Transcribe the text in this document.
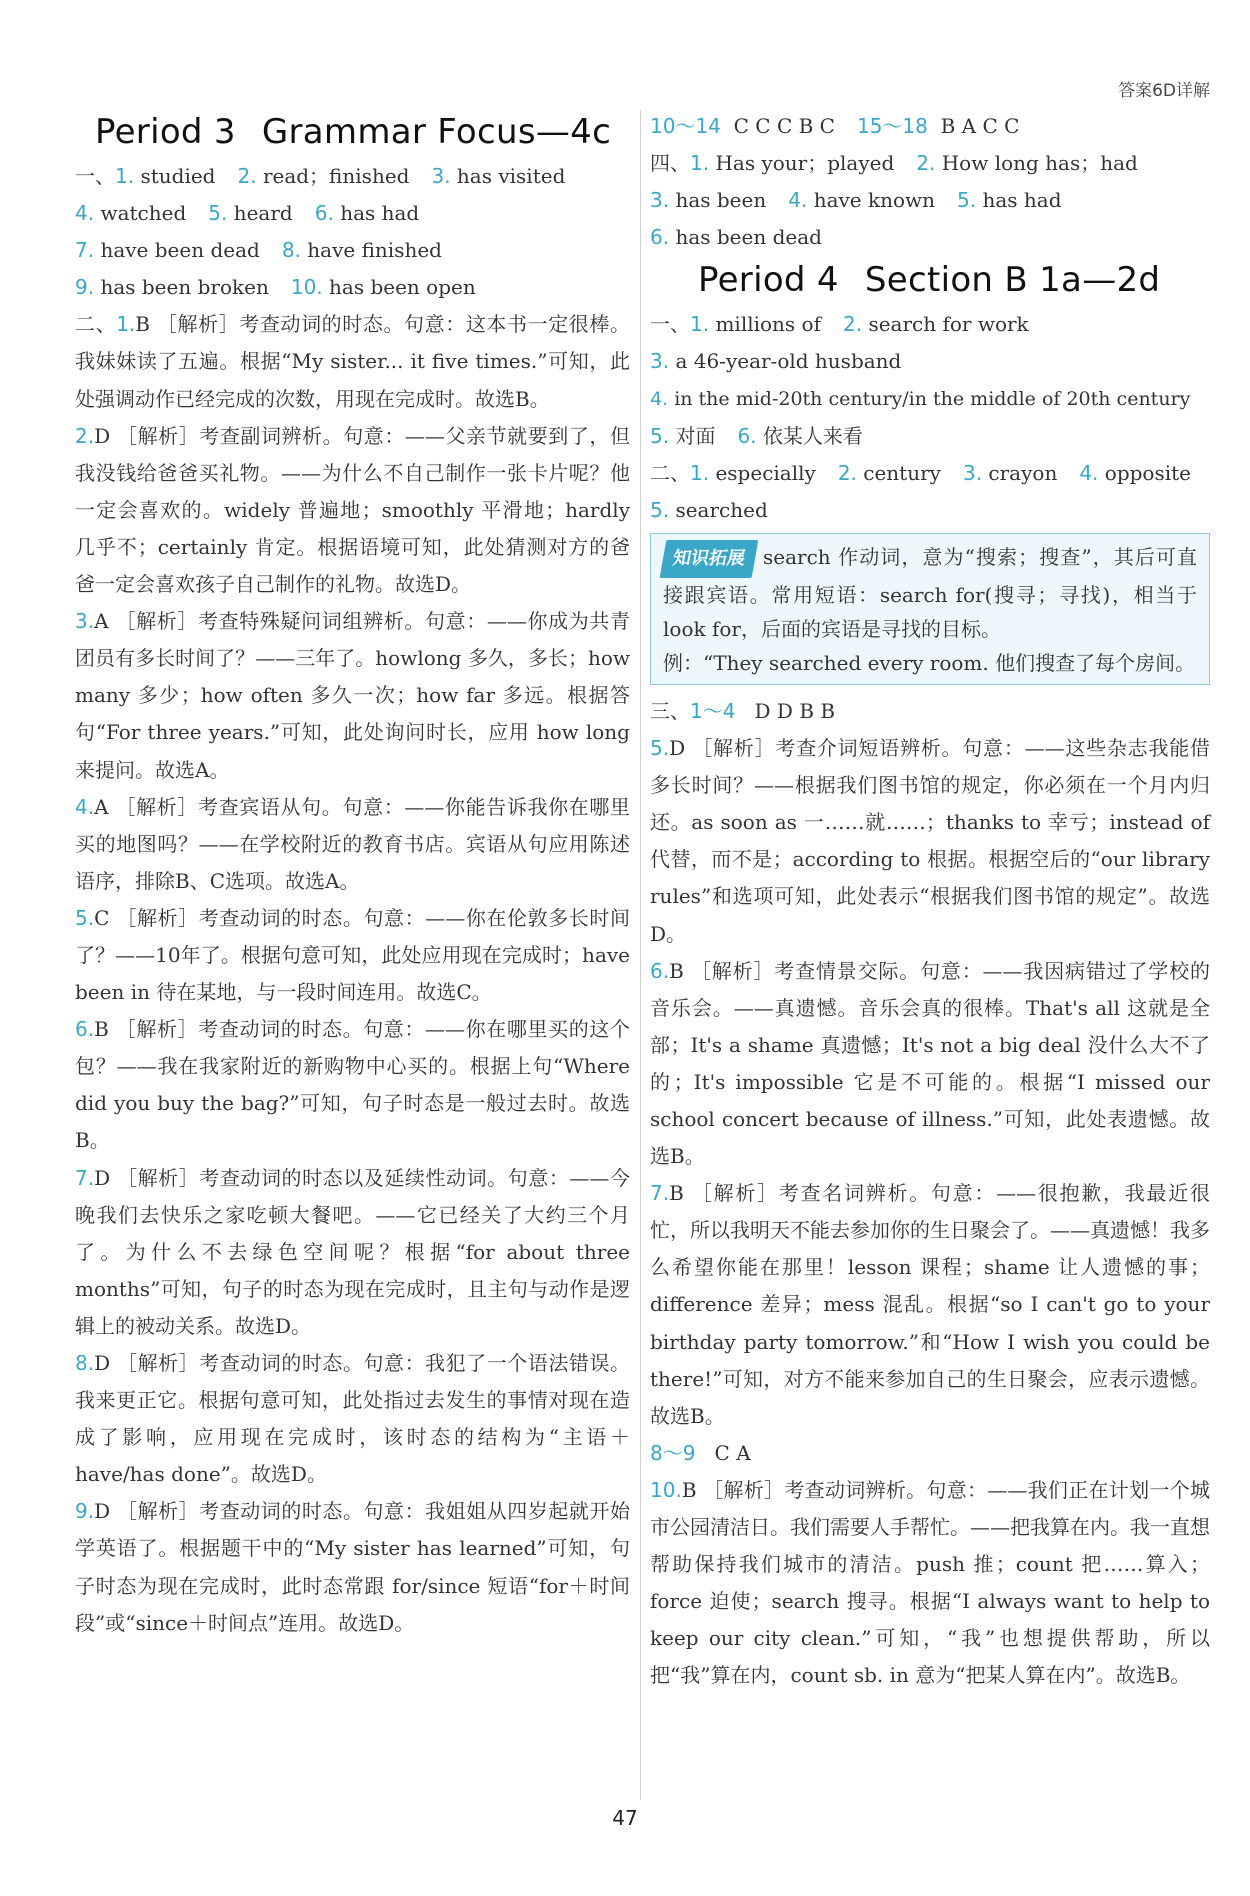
答案6D详解
Period 3 Grammar Focus—4c
一、1. studied 2. read；finished 3. has visited
4. watched 5. heard 6. has had
7. have been dead 8. have finished
9. has been broken 10. has been open
二、1.B ［解析］考查动词的时态。句意：这本书一定很棒。我妹妹读了五遍。根据“My sister... it five times.”可知，此处强调动作已经完成的次数，用现在完成时。故选B。
2.D ［解析］考查副词辨析。句意：——父亲节就要到了，但我没钱给爸爸买礼物。——为什么不自己制作一张卡片呢？他一定会喜欢的。widely 普遍地；smoothly 平滑地；hardly 几乎不；certainly 肯定。根据语境可知，此处猜测对方的爸爸一定会喜欢孩子自己制作的礼物。故选D。
3.A ［解析］考查特殊疑问词组辨析。句意：——你成为共青团员有多长时间了？——三年了。howlong 多久，多长；how many 多少；how often 多久一次；how far 多远。根据答句“For three years.”可知，此处询问时长，应用 how long 来提问。故选A。
4.A ［解析］考查宾语从句。句意：——你能告诉我你在哪里买的地图吗？——在学校附近的教育书店。宾语从句应用陈述语序，排除B、C选项。故选A。
5.C ［解析］考查动词的时态。句意：——你在伦敦多长时间了？——10年了。根据句意可知，此处应用现在完成时；have been in 待在某地，与一段时间连用。故选C。
6.B ［解析］考查动词的时态。句意：——你在哪里买的这个包？——我在我家附近的新购物中心买的。根据上句“Where did you buy the bag?”可知，句子时态是一般过去时。故选B。
7.D ［解析］考查动词的时态以及延续性动词。句意：——今晚我们去快乐之家吃顿大餐吧。——它已经关了大约三个月了。为什么不去绿色空间呢？根据“for about three months”可知，句子的时态为现在完成时，且主句与动作是逻辑上的被动关系。故选D。
8.D ［解析］考查动词的时态。句意：我犯了一个语法错误。我来更正它。根据句意可知，此处指过去发生的事情对现在造成了影响，应用现在完成时，该时态的结构为“主语＋have/has done”。故选D。
9.D ［解析］考查动词的时态。句意：我姐姐从四岁起就开始学英语了。根据题干中的“My sister has learned”可知，句子时态为现在完成时，此时态常跟 for/since 短语“for＋时间段”或“since＋时间点”连用。故选D。
10～14 C C C B C 15～18 B A C C
四、1. Has your；played 2. How long has；had
3. has been 4. have known 5. has had
6. has been dead
Period 4 Section B 1a—2d
一、1. millions of 2. search for work
3. a 46-year-old husband
4. in the mid-20th century/in the middle of 20th century
5. 对面 6. 依某人来看
二、1. especially 2. century 3. crayon 4. opposite
5. searched
知识拓展 search 作动词，意为“搜索；搜查”，其后可直接跟宾语。常用短语：search for(搜寻；寻找)，相当于 look for，后面的宾语是寻找的目标。
例：“They searched every room. 他们搜查了每个房间。
三、1～4 D D B B
5.D ［解析］考查介词短语辨析。句意：——这些杂志我能借多长时间？——根据我们图书馆的规定，你必须在一个月内归还。as soon as 一……就……；thanks to 幸亏；instead of 代替，而不是；according to 根据。根据空后的“our library rules”和选项可知，此处表示“根据我们图书馆的规定”。故选D。
6.B ［解析］考查情景交际。句意：——我因病错过了学校的音乐会。——真遗憾。音乐会真的很棒。That's all 这就是全部；It's a shame 真遗憾；It's not a big deal 没什么大不了的；It's impossible 它是不可能的。根据“I missed our school concert because of illness.”可知，此处表遗憾。故选B。
7.B ［解析］考查名词辨析。句意：——很抱歉，我最近很忙，所以我明天不能去参加你的生日聚会了。——真遗憾！我多么希望你能在那里！lesson 课程；shame 让人遗憾的事；difference 差异；mess 混乱。根据“so I can't go to your birthday party tomorrow.”和“How I wish you could be there!”可知，对方不能来参加自己的生日聚会，应表示遗憾。故选B。
8～9 C A
10.B ［解析］考查动词辨析。句意：——我们正在计划一个城市公园清洁日。我们需要人手帮忙。——把我算在内。我一直想帮助保持我们城市的清洁。push 推；count 把……算入；force 迫使；search 搜寻。根据“I always want to help to keep our city clean.”可知，“我”也想提供帮助，所以把“我”算在内，count sb. in 意为“把某人算在内”。故选B。
47
